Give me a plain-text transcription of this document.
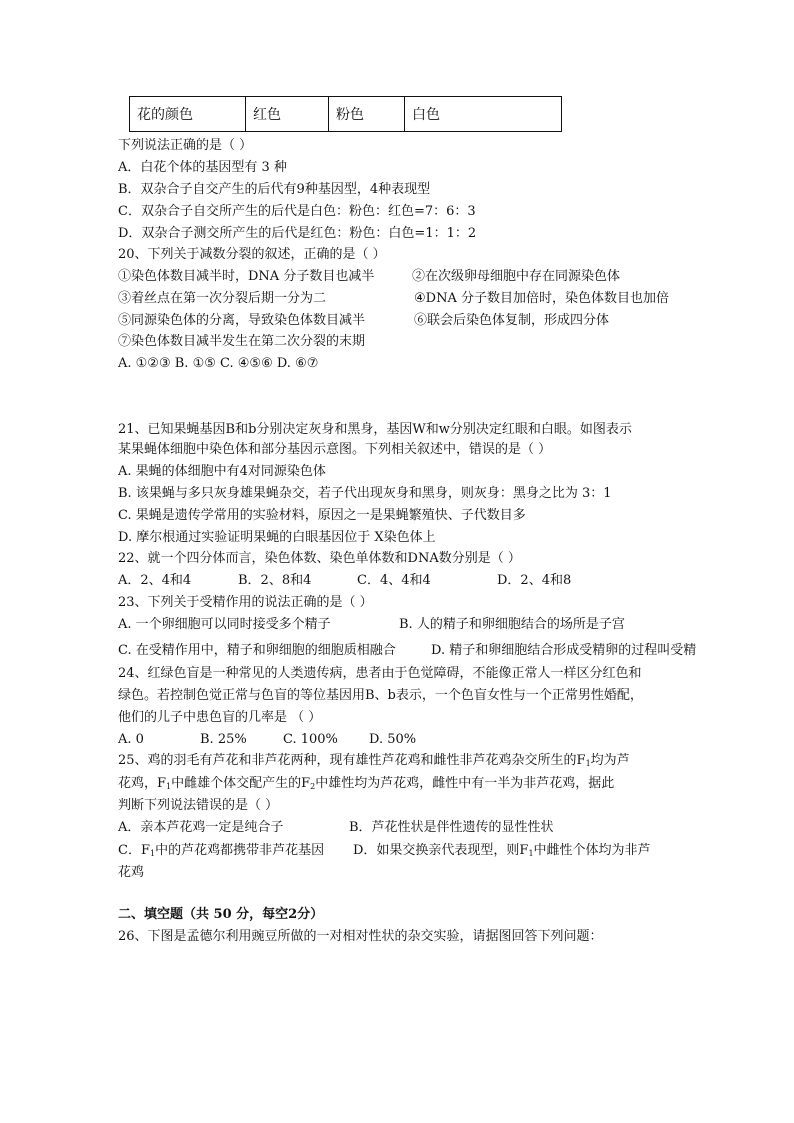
花的颜色	红色	粉色	白色
下列说法正确的是（ ）
A．白花个体的基因型有 3 种
B．双杂合子自交产生的后代有9种基因型，4种表现型
C．双杂合子自交所产生的后代是白色：粉色：红色=7：6：3
D．双杂合子测交所产生的后代是红色：粉色：白色=1：1：2
20、下列关于减数分裂的叙述，正确的是（ ）
①染色体数目减半时，DNA 分子数目也减半	②在次级卵母细胞中存在同源染色体
③着丝点在第一次分裂后期一分为二	④DNA 分子数目加倍时，染色体数目也加倍
⑤同源染色体的分离，导致染色体数目减半	⑥联会后染色体复制，形成四分体
⑦染色体数目减半发生在第二次分裂的末期
A. ①②③ B. ①⑤ C. ④⑤⑥ D. ⑥⑦
21、已知果蝇基因B和b分别决定灰身和黑身，基因W和w分别决定红眼和白眼。如图表示
某果蝇体细胞中染色体和部分基因示意图。下列相关叙述中，错误的是（ ）
A. 果蝇的体细胞中有4对同源染色体
B. 该果蝇与多只灰身雄果蝇杂交，若子代出现灰身和黑身，则灰身：黑身之比为 3：1
C. 果蝇是遗传学常用的实验材料，原因之一是果蝇繁殖快、子代数目多
D. 摩尔根通过实验证明果蝇的白眼基因位于 X染色体上
22、就一个四分体而言，染色体数、染色单体数和DNA数分别是（ ）
A．2、4和4	B．2、8和4	C．4、4和4	D．2、4和8
23、下列关于受精作用的说法正确的是（ ）
A. 一个卵细胞可以同时接受多个精子	B. 人的精子和卵细胞结合的场所是子宫
C. 在受精作用中，精子和卵细胞的细胞质相融合	D. 精子和卵细胞结合形成受精卵的过程叫受精
24、红绿色盲是一种常见的人类遗传病，患者由于色觉障碍，不能像正常人一样区分红色和
绿色。若控制色觉正常与色盲的等位基因用B、b表示，一个色盲女性与一个正常男性婚配，
他们的儿子中患色盲的几率是 （ ）
A. 0	B. 25%	C. 100% D. 50%
25、鸡的羽毛有芦花和非芦花两种，现有雄性芦花鸡和雌性非芦花鸡杂交所生的$F_1$均为芦
花鸡，$F_1$中雌雄个体交配产生的$F_2$中雄性均为芦花鸡，雌性中有一半为非芦花鸡，据此
判断下列说法错误的是（ ）
A．亲本芦花鸡一定是纯合子	B．芦花性状是伴性遗传的显性性状
C．$F_1$中的芦花鸡都携带非芦花基因 D．如果交换亲代表现型，则$F_1$中雌性个体均为非芦
花鸡
二、填空题（共 50 分，每空2分）
26、下图是孟德尔利用豌豆所做的一对相对性状的杂交实验，请据图回答下列问题：
